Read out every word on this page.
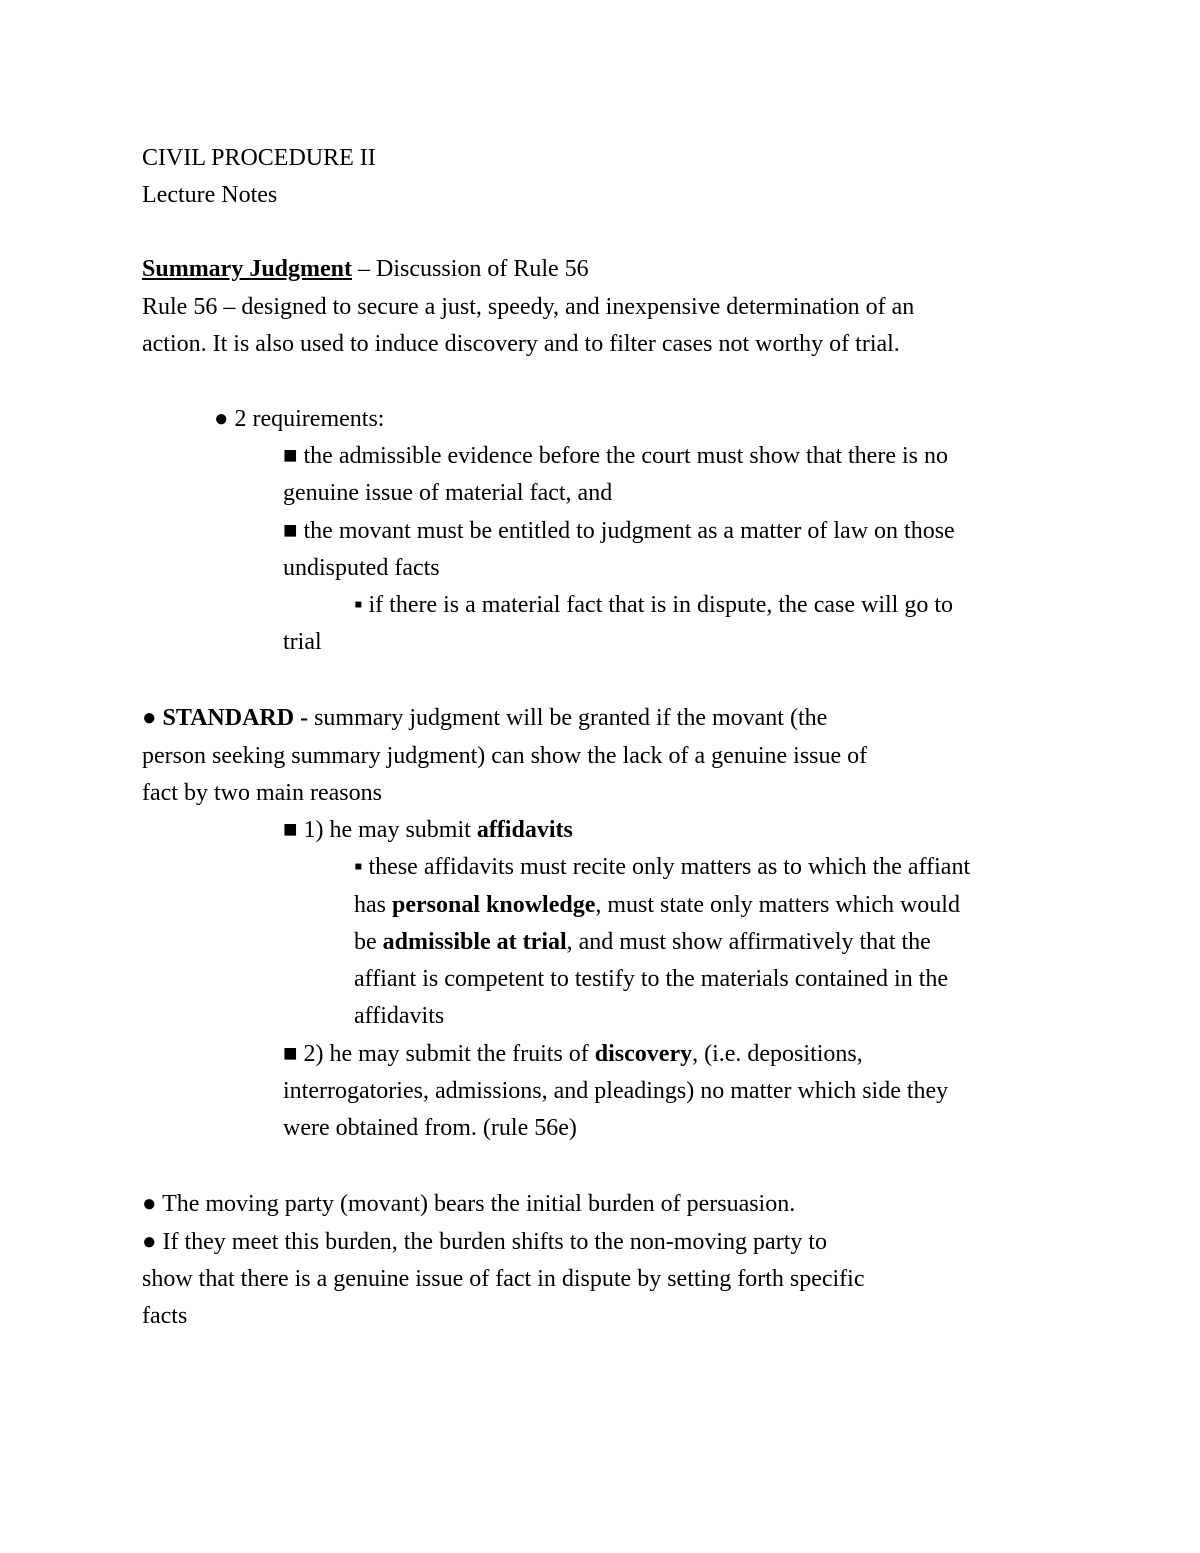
CIVIL PROCEDURE II
Lecture Notes
Summary Judgment – Discussion of Rule 56
Rule 56 – designed to secure a just, speedy, and inexpensive determination of an
action. It is also used to induce discovery and to filter cases not worthy of trial.
● 2 requirements:
■ the admissible evidence before the court must show that there is no
genuine issue of material fact, and
■ the movant must be entitled to judgment as a matter of law on those
undisputed facts
▪ if there is a material fact that is in dispute, the case will go to
trial
● STANDARD - summary judgment will be granted if the movant (the
person seeking summary judgment) can show the lack of a genuine issue of
fact by two main reasons
■ 1) he may submit affidavits
▪ these affidavits must recite only matters as to which the affiant
has personal knowledge, must state only matters which would
be admissible at trial, and must show affirmatively that the
affiant is competent to testify to the materials contained in the
affidavits
■ 2) he may submit the fruits of discovery, (i.e. depositions,
interrogatories, admissions, and pleadings) no matter which side they
were obtained from. (rule 56e)
● The moving party (movant) bears the initial burden of persuasion.
● If they meet this burden, the burden shifts to the non-moving party to
show that there is a genuine issue of fact in dispute by setting forth specific
facts
